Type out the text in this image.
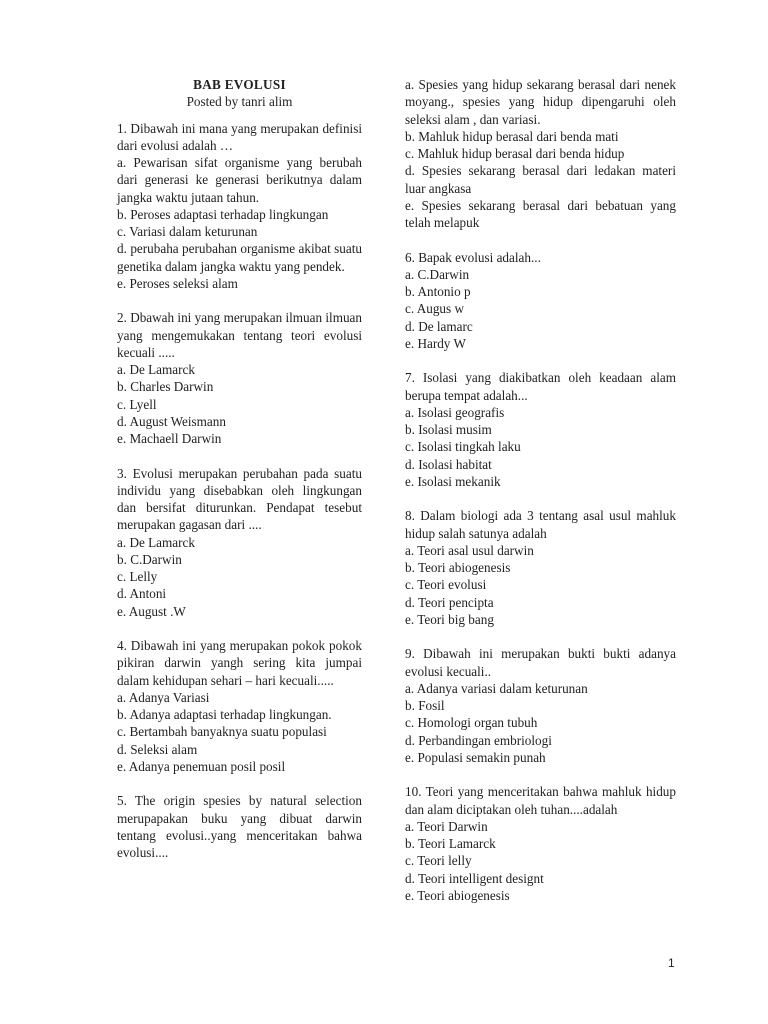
BAB EVOLUSI
Posted by tanri alim
1. Dibawah ini mana yang merupakan definisi dari evolusi adalah …
a. Pewarisan sifat organisme yang berubah dari generasi ke generasi berikutnya dalam jangka waktu jutaan tahun.
b. Peroses adaptasi terhadap lingkungan
c. Variasi dalam keturunan
d. perubaha perubahan organisme akibat suatu genetika dalam jangka waktu yang pendek.
e. Peroses seleksi alam
2. Dbawah ini yang merupakan ilmuan ilmuan yang mengemukakan tentang teori evolusi kecuali .....
a. De Lamarck
b. Charles Darwin
c. Lyell
d. August Weismann
e. Machaell Darwin
3. Evolusi merupakan perubahan pada suatu individu yang disebabkan oleh lingkungan dan bersifat diturunkan. Pendapat tesebut merupakan gagasan dari ....
a. De Lamarck
b. C.Darwin
c. Lelly
d. Antoni
e. August .W
4. Dibawah ini yang merupakan pokok pokok pikiran darwin yangh sering kita jumpai dalam kehidupan sehari – hari kecuali.....
a. Adanya Variasi
b. Adanya adaptasi terhadap lingkungan.
c. Bertambah banyaknya suatu populasi
d. Seleksi alam
e. Adanya penemuan posil posil
5. The origin spesies by natural selection merupapakan buku yang dibuat darwin tentang evolusi..yang menceritakan bahwa evolusi....
a. Spesies yang hidup sekarang berasal dari nenek moyang., spesies yang hidup dipengaruhi oleh seleksi alam , dan variasi.
b. Mahluk hidup berasal dari benda mati
c. Mahluk hidup berasal dari benda hidup
d. Spesies sekarang berasal dari ledakan materi luar angkasa
e. Spesies sekarang berasal dari bebatuan yang telah melapuk
6. Bapak evolusi adalah...
a. C.Darwin
b. Antonio p
c. Augus w
d. De lamarc
e. Hardy W
7. Isolasi yang diakibatkan oleh keadaan alam berupa tempat adalah...
a. Isolasi geografis
b. Isolasi musim
c. Isolasi tingkah laku
d. Isolasi habitat
e. Isolasi mekanik
8. Dalam biologi ada 3 tentang asal usul mahluk hidup salah satunya adalah
a. Teori asal usul darwin
b. Teori abiogenesis
c. Teori evolusi
d. Teori pencipta
e. Teori big bang
9. Dibawah ini merupakan bukti bukti adanya evolusi kecuali..
a. Adanya variasi dalam keturunan
b. Fosil
c. Homologi organ tubuh
d. Perbandingan embriologi
e. Populasi semakin punah
10. Teori yang menceritakan bahwa mahluk hidup dan alam diciptakan oleh tuhan....adalah
a. Teori Darwin
b. Teori Lamarck
c. Teori lelly
d. Teori intelligent designt
e. Teori abiogenesis
1
